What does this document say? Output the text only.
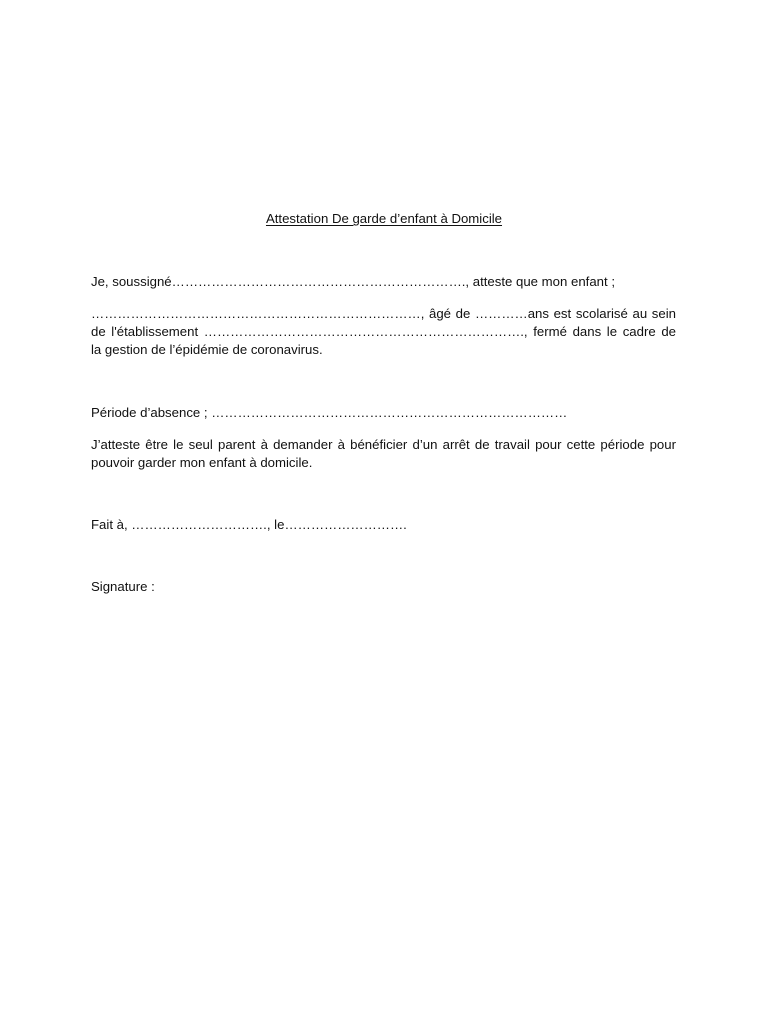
Attestation De garde d’enfant à Domicile

Je, soussigné…………………………………………………………., atteste que mon enfant ;

…………………………………………………………………, âgé de …………ans est scolarisé au sein de l'établissement ………………………………………………………………., fermé dans le cadre de la gestion de l’épidémie de coronavirus.

Période d’absence ; ………………………………………………………………………

J’atteste être le seul parent à demander à bénéficier d’un arrêt de travail pour cette période pour pouvoir garder mon enfant à domicile.

Fait à, …………………………., le……………………….

Signature :
